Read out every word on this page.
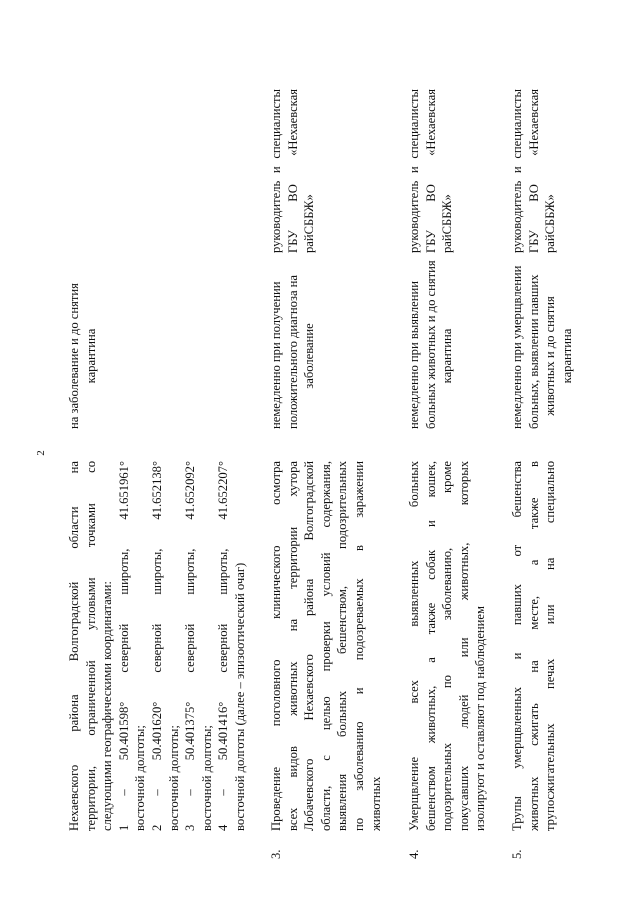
2
Нехаевского района Волгоградской области на территории, ограниченной угловыми точками со следующими географическими координатами: 1 – 50.401598° северной широты, 41.651961° восточной долготы; 2 – 50.401620° северной широты, 41.652138° восточной долготы; 3 – 50.401375° северной широты, 41.652092° восточной долготы; 4 – 50.401416° северной широты, 41.652207° восточной долготы (далее – эпизоотический очаг)
на заболевание и до снятия карантина
3.
Проведение поголовного клинического осмотра всех видов животных на территории хутора Лобачевского Нехаевского района Волгоградской области, с целью проверки условий содержания, выявления больных бешенством, подозрительных по заболеванию и подозреваемых в заражении животных
немедленно при получении положительного диагноза на заболевание
руководитель и специалисты ГБУ ВО «Нехаевская райСББЖ»
4.
Умерщвление всех выявленных больных бешенством животных, а также собак и кошек, подозрительных по заболеванию, кроме покусавших людей или животных, которых изолируют и оставляют под наблюдением
немедленно при выявлении больных животных и до снятия карантина
руководитель и специалисты ГБУ ВО «Нехаевская райСББЖ»
5.
Трупы умерщвленных и павших от бешенства животных сжигать на месте, а также в трупосжигательных печах или на специально
немедленно при умерщвлении больных, выявлении павших животных и до снятия карантина
руководитель и специалисты ГБУ ВО «Нехаевская райСББЖ»
